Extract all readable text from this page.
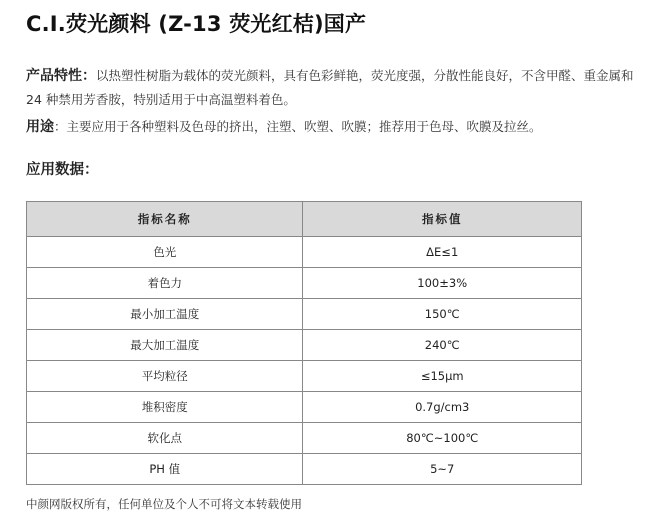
C.I.荧光颜料 (Z-13 荧光红桔)国产
产品特性：以热塑性树脂为载体的荧光颜料，具有色彩鲜艳，荧光度强，分散性能良好，不含甲醛、重金属和 24 种禁用芳香胺，特别适用于中高温塑料着色。
用途：主要应用于各种塑料及色母的挤出，注塑、吹塑、吹膜；推荐用于色母、吹膜及拉丝。
应用数据：
指标名称	指标值
色光	ΔE≤1
着色力	100±3%
最小加工温度	150℃
最大加工温度	240℃
平均粒径	≤15μm
堆积密度	0.7g/cm3
软化点	80℃~100℃
PH 值	5~7
中颜网版权所有，任何单位及个人不可将文本转载使用
